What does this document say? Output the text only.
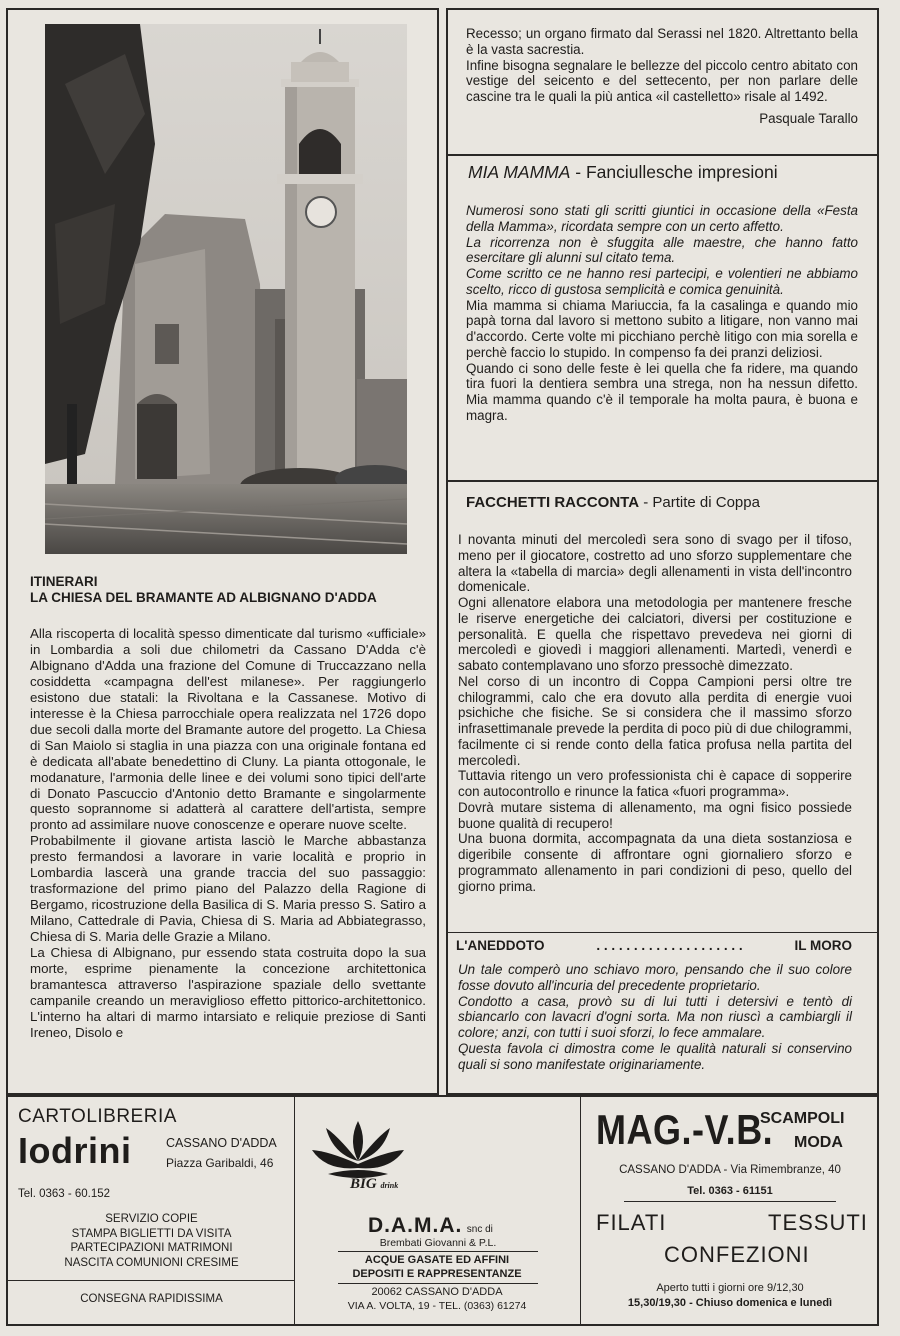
ITINERARI
LA CHIESA DEL BRAMANTE AD ALBIGNANO D'ADDA

Alla riscoperta di località spesso dimenticate dal turismo «ufficiale» in Lombardia a soli due chilometri da Cassano D'Adda c'è Albignano d'Adda una frazione del Comune di Truccazzano nella cosiddetta «campagna dell'est milanese». Per raggiungerlo esistono due statali: la Rivoltana e la Cassanese. Motivo di interesse è la Chiesa parrocchiale opera realizzata nel 1726 dopo due secoli dalla morte del Bramante autore del progetto. La Chiesa di San Maiolo si staglia in una piazza con una originale fontana ed è dedicata all'abate benedettino di Cluny. La pianta ottogonale, le modanature, l'armonia delle linee e dei volumi sono tipici dell'arte di Donato Pascuccio d'Antonio detto Bramante e singolarmente questo soprannome si adatterà al carattere dell'artista, sempre pronto ad assimilare nuove conoscenze e operare nuove scelte.

Probabilmente il giovane artista lasciò le Marche abbastanza presto fermandosi a lavorare in varie località e proprio in Lombardia lascerà una grande traccia del suo passaggio: trasformazione del primo piano del Palazzo della Ragione di Bergamo, ricostruzione della Basilica di S. Maria presso S. Satiro a Milano, Cattedrale di Pavia, Chiesa di S. Maria ad Abbiategrasso, Chiesa di S. Maria delle Grazie a Milano.

La Chiesa di Albignano, pur essendo stata costruita dopo la sua morte, esprime pienamente la concezione architettonica bramantesca attraverso l'aspirazione spaziale dello svettante campanile creando un meraviglioso effetto pittorico-architettonico. L'interno ha altari di marmo intarsiato e reliquie preziose di Santi Ireneo, Disolo e

Recesso; un organo firmato dal Serassi nel 1820. Altrettanto bella è la vasta sacrestia.

Infine bisogna segnalare le bellezze del piccolo centro abitato con vestige del seicento e del settecento, per non parlare delle cascine tra le quali la più antica «il castelletto» risale al 1492.

Pasquale Tarallo

MIA MAMMA - Fanciullesche impresioni

Numerosi sono stati gli scritti giuntici in occasione della «Festa della Mamma», ricordata sempre con un certo affetto.

La ricorrenza non è sfuggita alle maestre, che hanno fatto esercitare gli alunni sul citato tema.

Come scritto ce ne hanno resi partecipi, e volentieri ne abbiamo scelto, ricco di gustosa semplicità e comica genuinità.

Mia mamma si chiama Mariuccia, fa la casalinga e quando mio papà torna dal lavoro si mettono subito a litigare, non vanno mai d'accordo. Certe volte mi picchiano perchè litigo con mia sorella e perchè faccio lo stupido. In compenso fa dei pranzi deliziosi.

Quando ci sono delle feste è lei quella che fa ridere, ma quando tira fuori la dentiera sembra una strega, non ha nessun difetto. Mia mamma quando c'è il temporale ha molta paura, è buona e magra.

FACCHETTI RACCONTA - Partite di Coppa

I novanta minuti del mercoledì sera sono di svago per il tifoso, meno per il giocatore, costretto ad uno sforzo supplementare che altera la «tabella di marcia» degli allenamenti in vista dell'incontro domenicale.

Ogni allenatore elabora una metodologia per mantenere fresche le riserve energetiche dei calciatori, diversi per costituzione e personalità. E quella che rispettavo prevedeva nei giorni di mercoledì e giovedì i maggiori allenamenti. Martedì, venerdì e sabato contemplavano uno sforzo pressochè dimezzato.

Nel corso di un incontro di Coppa Campioni persi oltre tre chilogrammi, calo che era dovuto alla perdita di energie vuoi psichiche che fisiche. Se si considera che il massimo sforzo infrasettimanale prevede la perdita di poco più di due chilogrammi, facilmente ci si rende conto della fatica profusa nella partita del mercoledì.

Tuttavia ritengo un vero professionista chi è capace di sopperire con autocontrollo e rinunce la fatica «fuori programma».

Dovrà mutare sistema di allenamento, ma ogni fisico possiede buone qualità di recupero!

Una buona dormita, accompagnata da una dieta sostanziosa e digeribile consente di affrontare ogni giornaliero sforzo e programmato allenamento in pari condizioni di peso, quello del giorno prima.

L'ANEDDOTO	. . . . . . . . . . . . . . . . . . . .	IL MORO

Un tale comperò uno schiavo moro, pensando che il suo colore fosse dovuto all'incuria del precedente proprietario.

Condotto a casa, provò su di lui tutti i detersivi e tentò di sbiancarlo con lavacri d'ogni sorta. Ma non riuscì a cambiargli il colore; anzi, con tutti i suoi sforzi, lo fece ammalare.

Questa favola ci dimostra come le qualità naturali si conservino quali si sono manifestate originariamente.

CARTOLIBRERIA
Iodrini	CASSANO D'ADDA
Piazza Garibaldi, 46
Tel. 0363 - 60.152
SERVIZIO COPIE
STAMPA BIGLIETTI DA VISITA
PARTECIPAZIONI MATRIMONI
NASCITA COMUNIONI CRESIME
CONSEGNA RAPIDISSIMA
BIG drink
D.A.M.A. snc di
Brembati Giovanni & P.L.
ACQUE GASATE ED AFFINI
DEPOSITI E RAPPRESENTANZE
20062 CASSANO D'ADDA
VIA A. VOLTA, 19 - TEL. (0363) 61274
MAG.-V.B.
SCAMPOLI
MODA
CASSANO D'ADDA - Via Rimembranze, 40
Tel. 0363 - 61151
FILATI	TESSUTI
CONFEZIONI
Aperto tutti i giorni ore 9/12,30
15,30/19,30 - Chiuso domenica e lunedì
